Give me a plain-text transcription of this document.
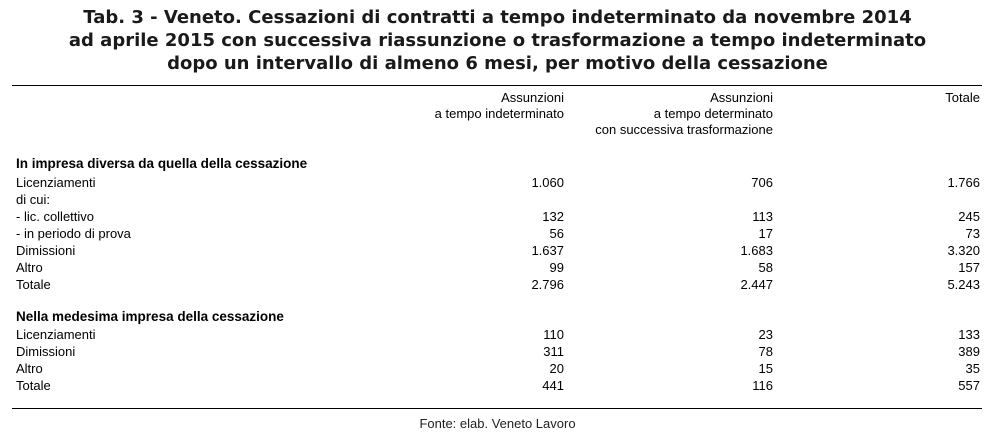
Tab. 3 - Veneto. Cessazioni di contratti a tempo indeterminato da novembre 2014
ad aprile 2015 con successiva riassunzione o trasformazione a tempo indeterminato
dopo un intervallo di almeno 6 mesi, per motivo della cessazione
Assunzioni
a tempo indeterminato
Assunzioni
a tempo determinato
con successiva trasformazione
Totale
In impresa diversa da quella della cessazione
Licenziamenti	1.060	706	1.766
di cui:
- lic. collettivo	132	113	245
- in periodo di prova	56	17	73
Dimissioni	1.637	1.683	3.320
Altro	99	58	157
Totale	2.796	2.447	5.243
Nella medesima impresa della cessazione
Licenziamenti	110	23	133
Dimissioni	311	78	389
Altro	20	15	35
Totale	441	116	557
Fonte: elab. Veneto Lavoro
